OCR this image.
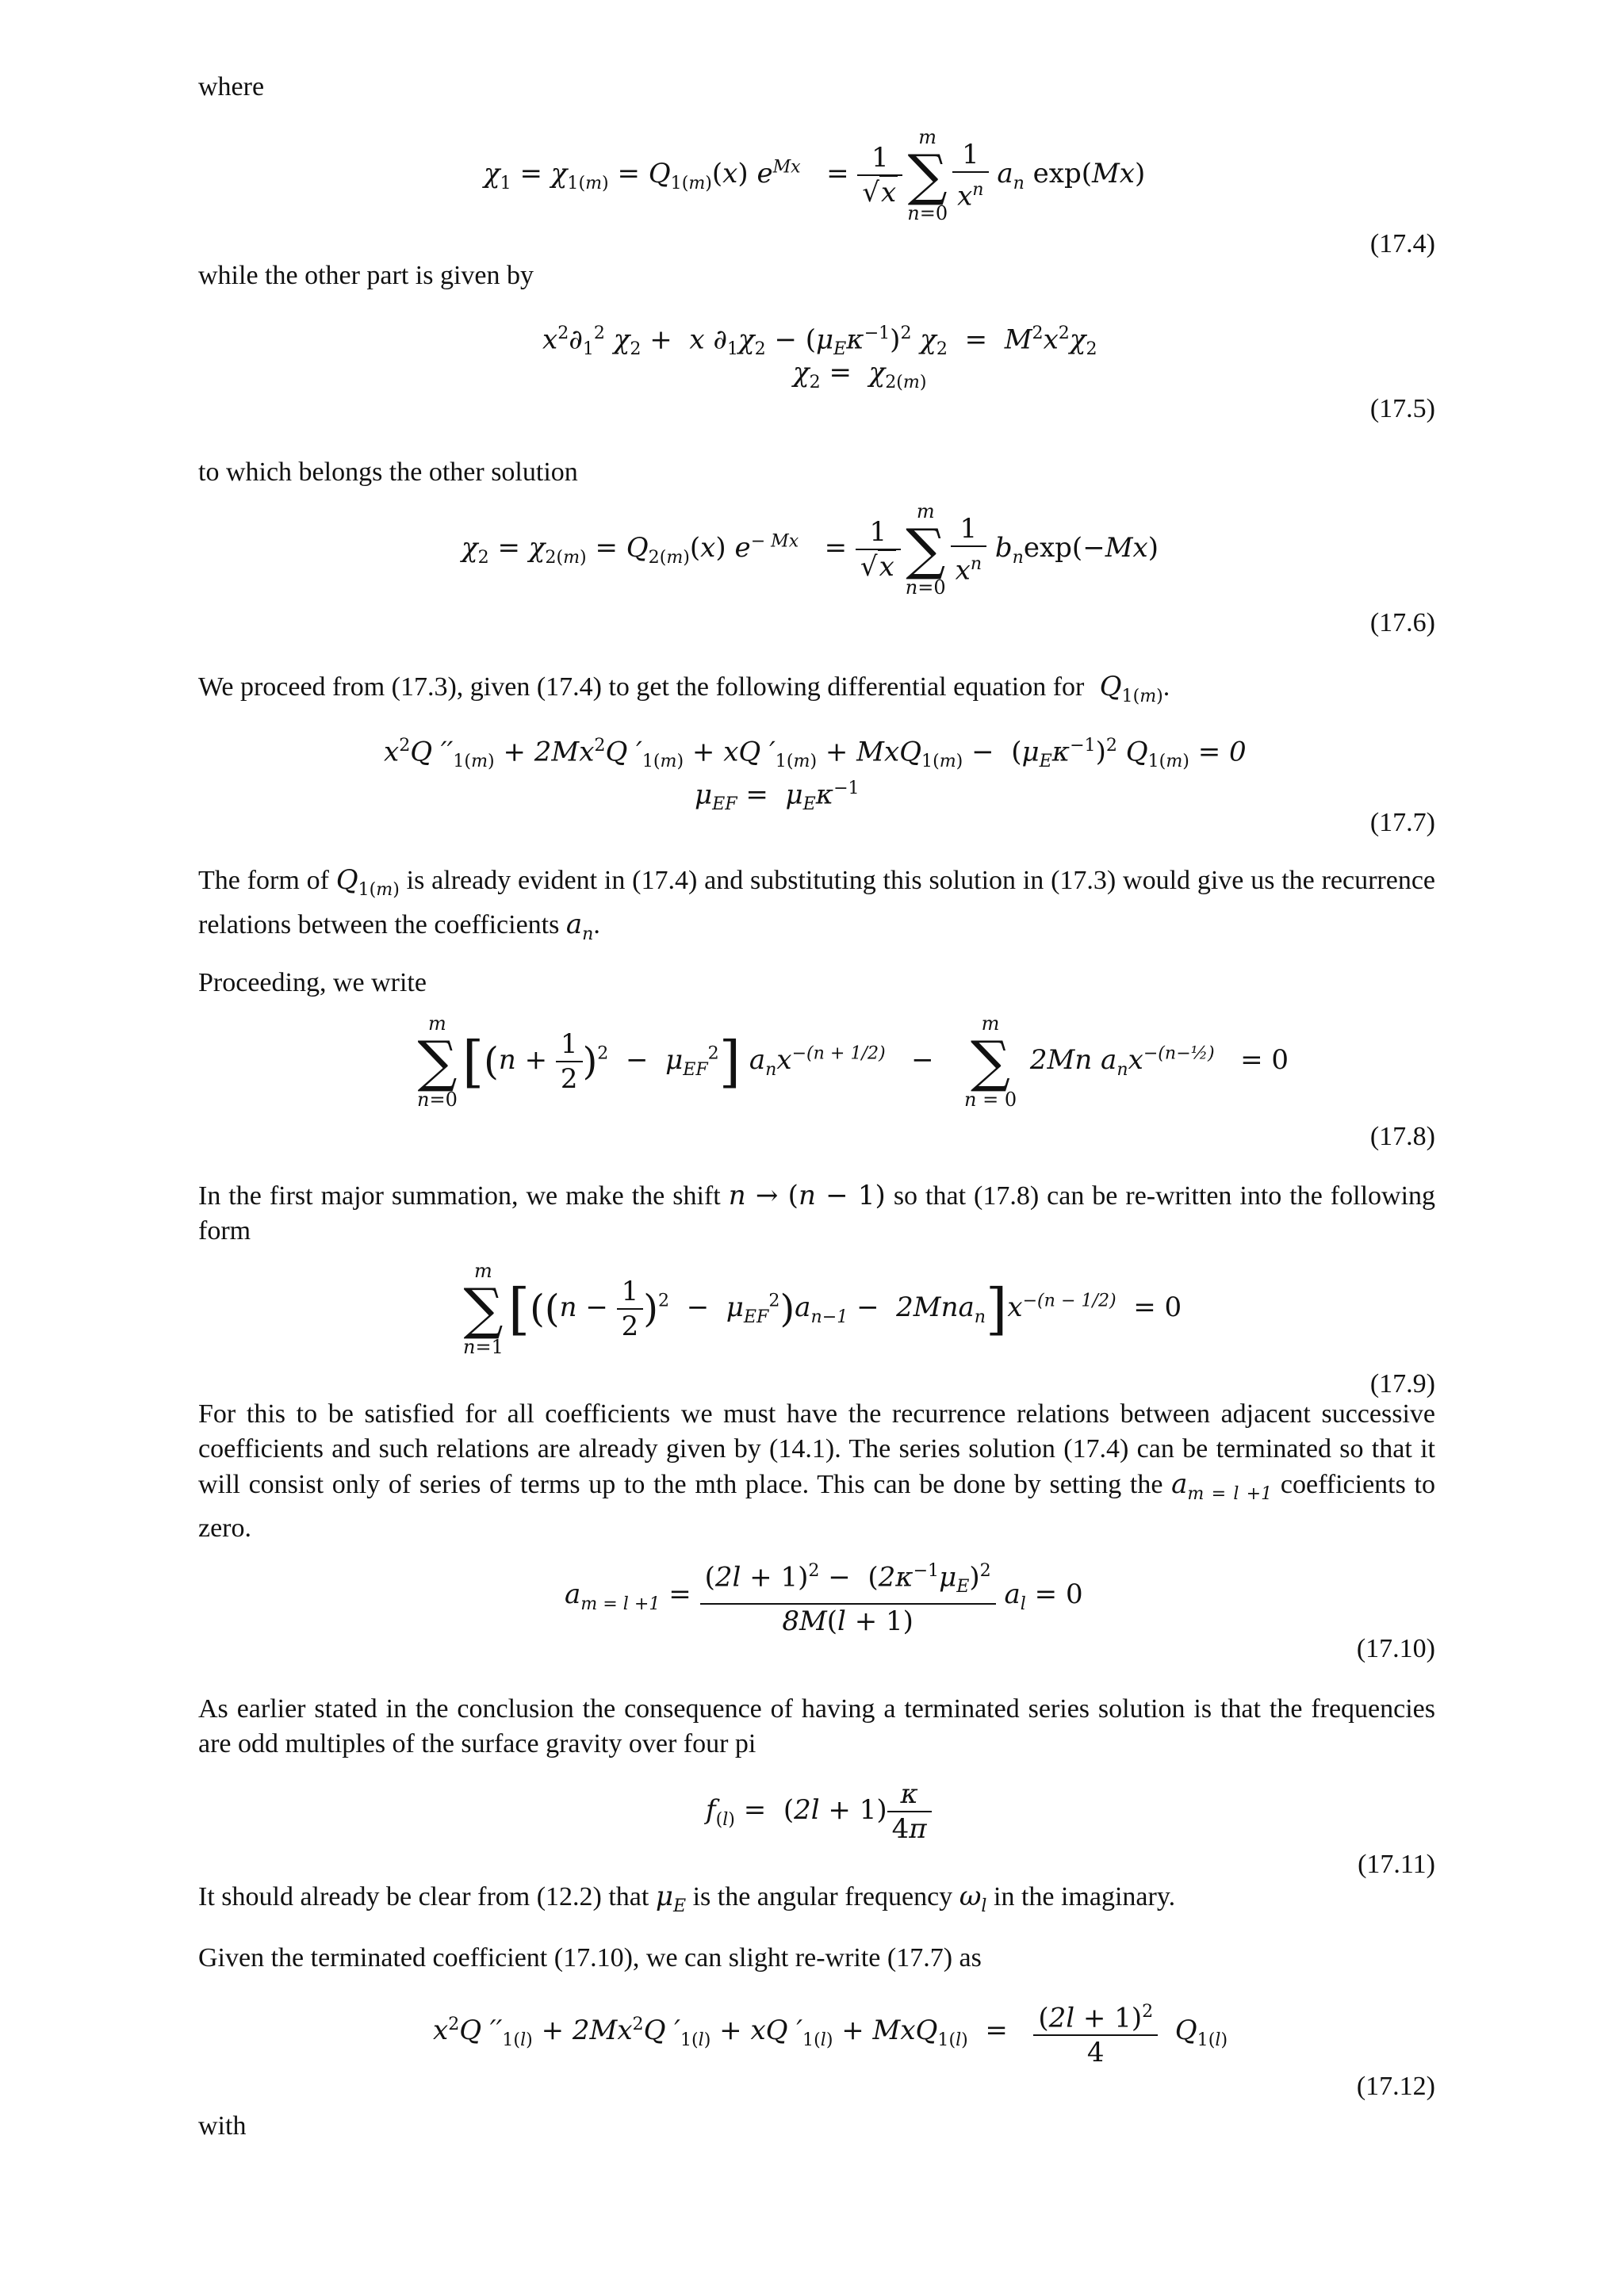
where
$\chi_1 = \chi_{1(m)} = Q_{1(m)}(x) e^{Mx} = \frac{1}{√x}$
m
∑
n=0
$\frac{1}{x^n} a_n$ exp(Mx)
(17.4)
while the other part is given by
$x^2\partial_1^2$ $\chi_2 + x$ $\partial_1\chi_2 - (\mu_E\kappa^{-1})^2$ $\chi_2 = M^2x^2\chi_2$
$\chi_2 = \chi_{2(m)}$
(17.5)
to which belongs the other solution
$\chi_2 = \chi_{2(m)} = Q_{2(m)}(x) e^{- Mx} = \frac{1}{√x}$
m
∑
n=0
$\frac{1}{x^n} b_n\exp(-Mx)$
(17.6)
We proceed from (17.3), given (17.4) to get the following differential equation for $Q_{1(m)}$.
$x^2Q$ $''_{1(m)} + 2Mx^2Q$ $'_{1(m)}$ + xQ $'_{1(m)} + MxQ_{1(m)} - (\mu_E\kappa^{-1})^2$ $Q_{1(m)} = 0$
$\mu_{EF} = \mu_E\kappa^{-1}$
(17.7)
The form of $Q_{1(m)}$ is already evident in (17.4) and substituting this solution in (17.3) would give us the recurrence relations between the coefficients $a_n$.
Proceeding, we write
m
∑
n=0
$[(n + \frac{1}{2} )^2 - \mu_{EF}^2]$ $a_nx^{-(n + 1/2)}$   −
m
∑
n = 0
2Mn $a_nx^{-(n-\frac{1}{2})} = 0$
(17.8)
In the first major summation, we make the shift n → (n − 1) so that (17.8) can be re-written into the following form
m
∑
n=1
$[((n - \frac{1}{2} )^2 - \mu_{EF}^2)a_{n-1} - 2Mna_n]x^{-(n - 1/2)} = 0$
(17.9)
For this to be satisfied for all coefficients we must have the recurrence relations between adjacent successive coefficients and such relations are already given by (14.1). The series solution (17.4) can be terminated so that it will consist only of series of terms up to the mth place. This can be done by setting the $a_{m = l +1}$ coefficients to zero.
$a_{m = l +1} = \frac{(2l + 1)^2 - (2\kappa^{-1}\mu_E)^2}{8M(l + 1)} a_l = 0$
(17.10)
As earlier stated in the conclusion the consequence of having a terminated series solution is that the frequencies are odd multiples of the surface gravity over four pi
$f_{(l)} = (2l + 1) \frac{\kappa}{4\pi}$
(17.11)
It should already be clear from (12.2) that $\mu_E$ is the angular frequency $\omega_l$ in the imaginary.
Given the terminated coefficient (17.10), we can slight re-write (17.7) as
$x^2Q$ $''_{1(l)} + 2Mx^2Q$ $'_{1(l)}$ + xQ $'_{1(l)} + MxQ_{1(l)} = \frac{(2l + 1)^2}{4} Q_{1(l)}$
(17.12)
with
